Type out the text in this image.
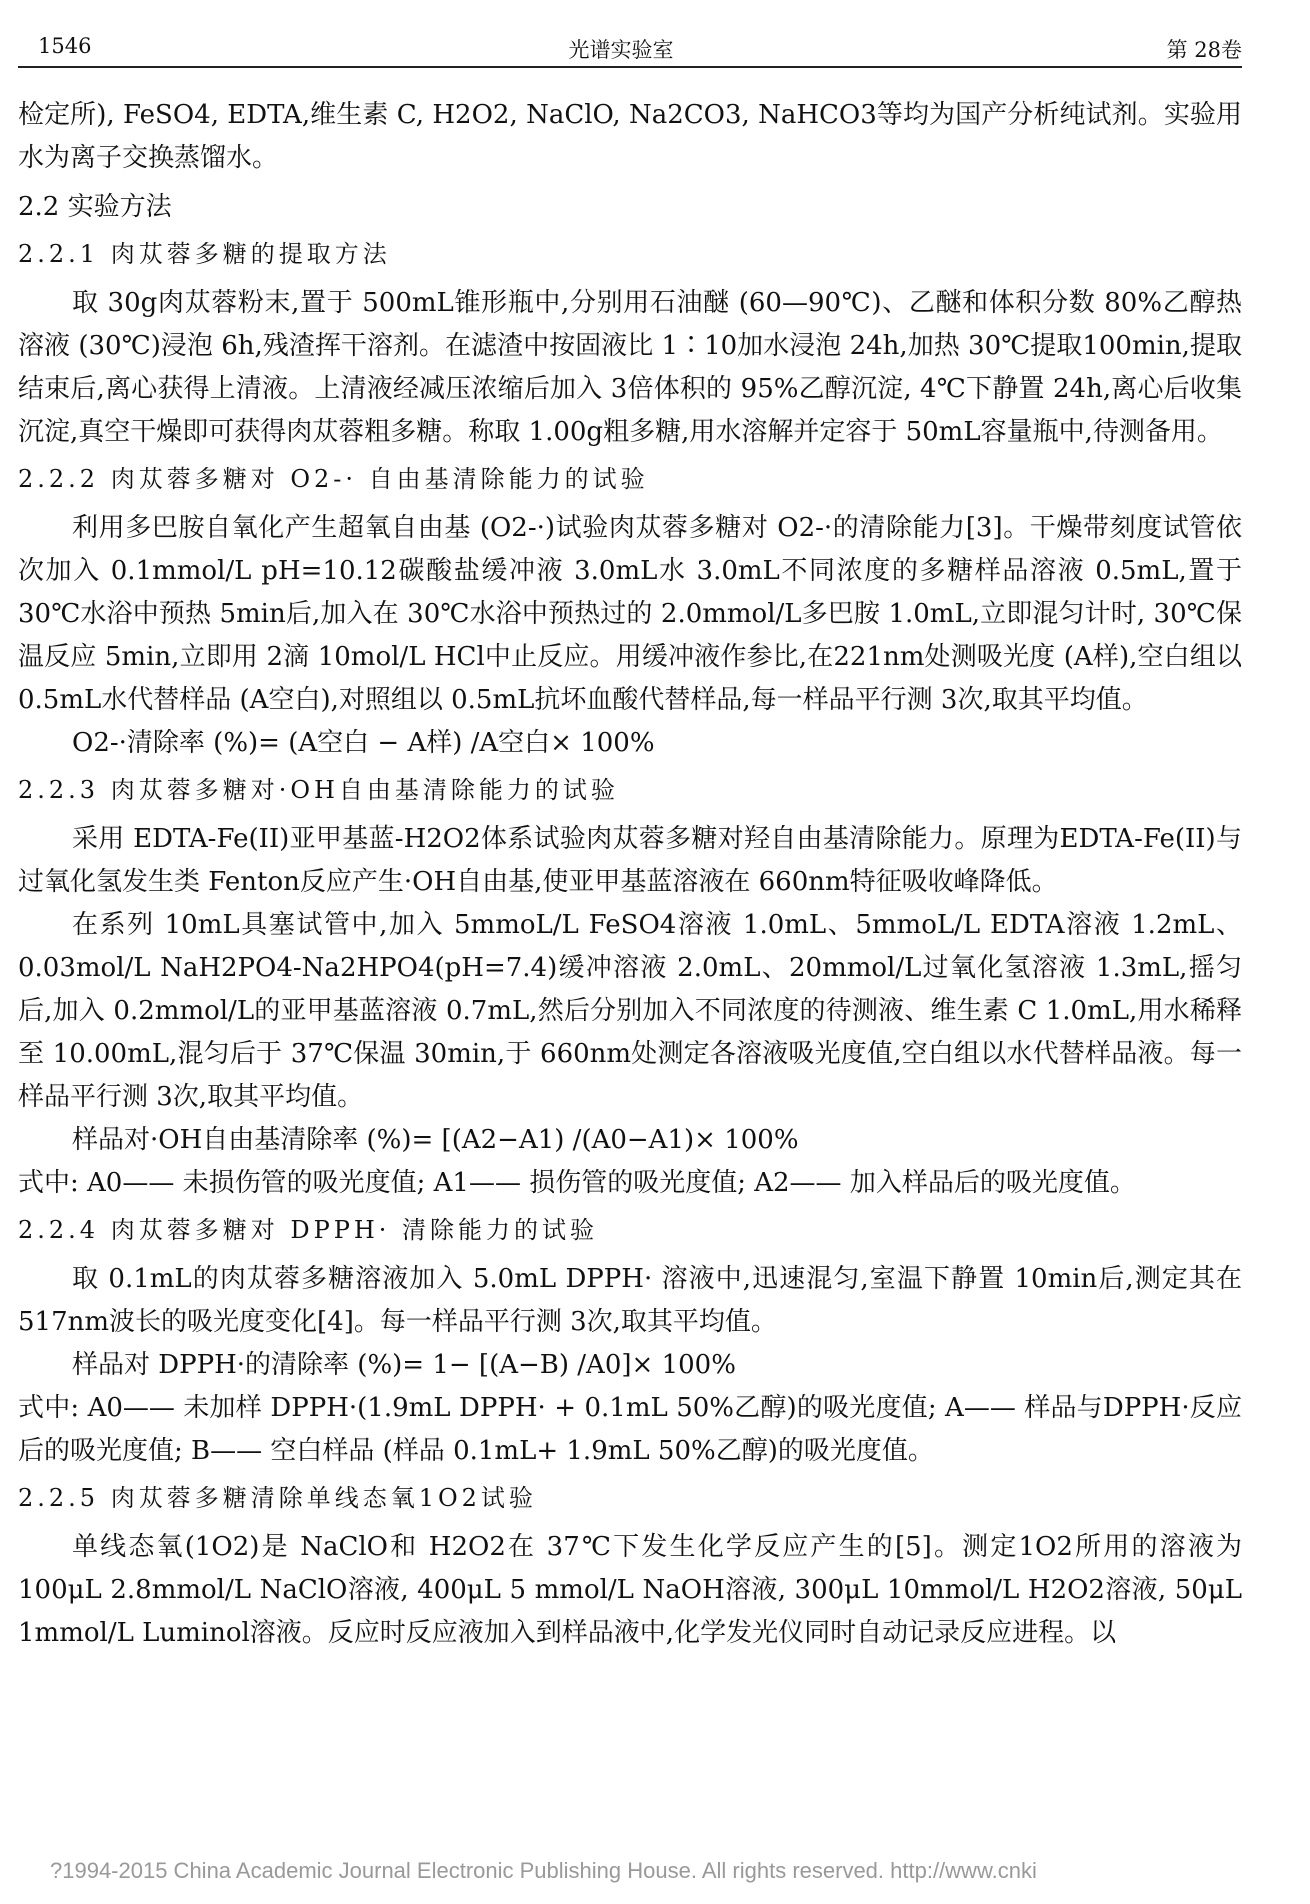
1546	光谱实验室	第 28卷

检定所), FeSO4, EDTA,维生素 C, H2O2, NaClO, Na2CO3, NaHCO3等均为国产分析纯试剂。实验用水为离子交换蒸馏水。

2.2 实验方法

2.2.1 肉苁蓉多糖的提取方法

取 30g肉苁蓉粉末,置于 500mL锥形瓶中,分别用石油醚 (60—90℃)、乙醚和体积分数 80%乙醇热溶液 (30℃)浸泡 6h,残渣挥干溶剂。在滤渣中按固液比 1∶10加水浸泡 24h,加热 30℃提取100min,提取结束后,离心获得上清液。上清液经减压浓缩后加入 3倍体积的 95%乙醇沉淀, 4℃下静置 24h,离心后收集沉淀,真空干燥即可获得肉苁蓉粗多糖。称取 1.00g粗多糖,用水溶解并定容于 50mL容量瓶中,待测备用。

2.2.2 肉苁蓉多糖对 O2-· 自由基清除能力的试验

利用多巴胺自氧化产生超氧自由基 (O2-·)试验肉苁蓉多糖对 O2-·的清除能力[3]。干燥带刻度试管依次加入 0.1mmol/L pH=10.12碳酸盐缓冲液 3.0mL水 3.0mL不同浓度的多糖样品溶液 0.5mL,置于 30℃水浴中预热 5min后,加入在 30℃水浴中预热过的 2.0mmol/L多巴胺 1.0mL,立即混匀计时, 30℃保温反应 5min,立即用 2滴 10mol/L HCl中止反应。用缓冲液作参比,在221nm处测吸光度 (A样),空白组以 0.5mL水代替样品 (A空白),对照组以 0.5mL抗坏血酸代替样品,每一样品平行测 3次,取其平均值。

O2-·清除率 (%)= (A空白 − A样) /A空白× 100%

2.2.3 肉苁蓉多糖对·OH自由基清除能力的试验

采用 EDTA-Fe(II)亚甲基蓝-H2O2体系试验肉苁蓉多糖对羟自由基清除能力。原理为EDTA-Fe(II)与过氧化氢发生类 Fenton反应产生·OH自由基,使亚甲基蓝溶液在 660nm特征吸收峰降低。

在系列 10mL具塞试管中,加入 5mmoL/L FeSO4溶液 1.0mL、5mmoL/L EDTA溶液 1.2mL、0.03mol/L NaH2PO4-Na2HPO4(pH=7.4)缓冲溶液 2.0mL、20mmol/L过氧化氢溶液 1.3mL,摇匀后,加入 0.2mmol/L的亚甲基蓝溶液 0.7mL,然后分别加入不同浓度的待测液、维生素 C 1.0mL,用水稀释至 10.00mL,混匀后于 37℃保温 30min,于 660nm处测定各溶液吸光度值,空白组以水代替样品液。每一样品平行测 3次,取其平均值。

样品对·OH自由基清除率 (%)= [(A2−A1) /(A0−A1)× 100%

式中: A0—— 未损伤管的吸光度值; A1—— 损伤管的吸光度值; A2—— 加入样品后的吸光度值。

2.2.4 肉苁蓉多糖对 DPPH· 清除能力的试验

取 0.1mL的肉苁蓉多糖溶液加入 5.0mL DPPH· 溶液中,迅速混匀,室温下静置 10min后,测定其在 517nm波长的吸光度变化[4]。每一样品平行测 3次,取其平均值。

样品对 DPPH·的清除率 (%)= 1− [(A−B) /A0]× 100%

式中: A0—— 未加样 DPPH·(1.9mL DPPH· + 0.1mL 50%乙醇)的吸光度值; A—— 样品与DPPH·反应后的吸光度值; B—— 空白样品 (样品 0.1mL+ 1.9mL 50%乙醇)的吸光度值。

2.2.5 肉苁蓉多糖清除单线态氧1O2试验

单线态氧(1O2)是 NaClO和 H2O2在 37℃下发生化学反应产生的[5]。测定1O2所用的溶液为100μL 2.8mmol/L NaClO溶液, 400μL 5 mmol/L NaOH溶液, 300μL 10mmol/L H2O2溶液, 50μL 1mmol/L Luminol溶液。反应时反应液加入到样品液中,化学发光仪同时自动记录反应进程。以

?1994-2015 China Academic Journal Electronic Publishing House. All rights reserved. http://www.cnki
